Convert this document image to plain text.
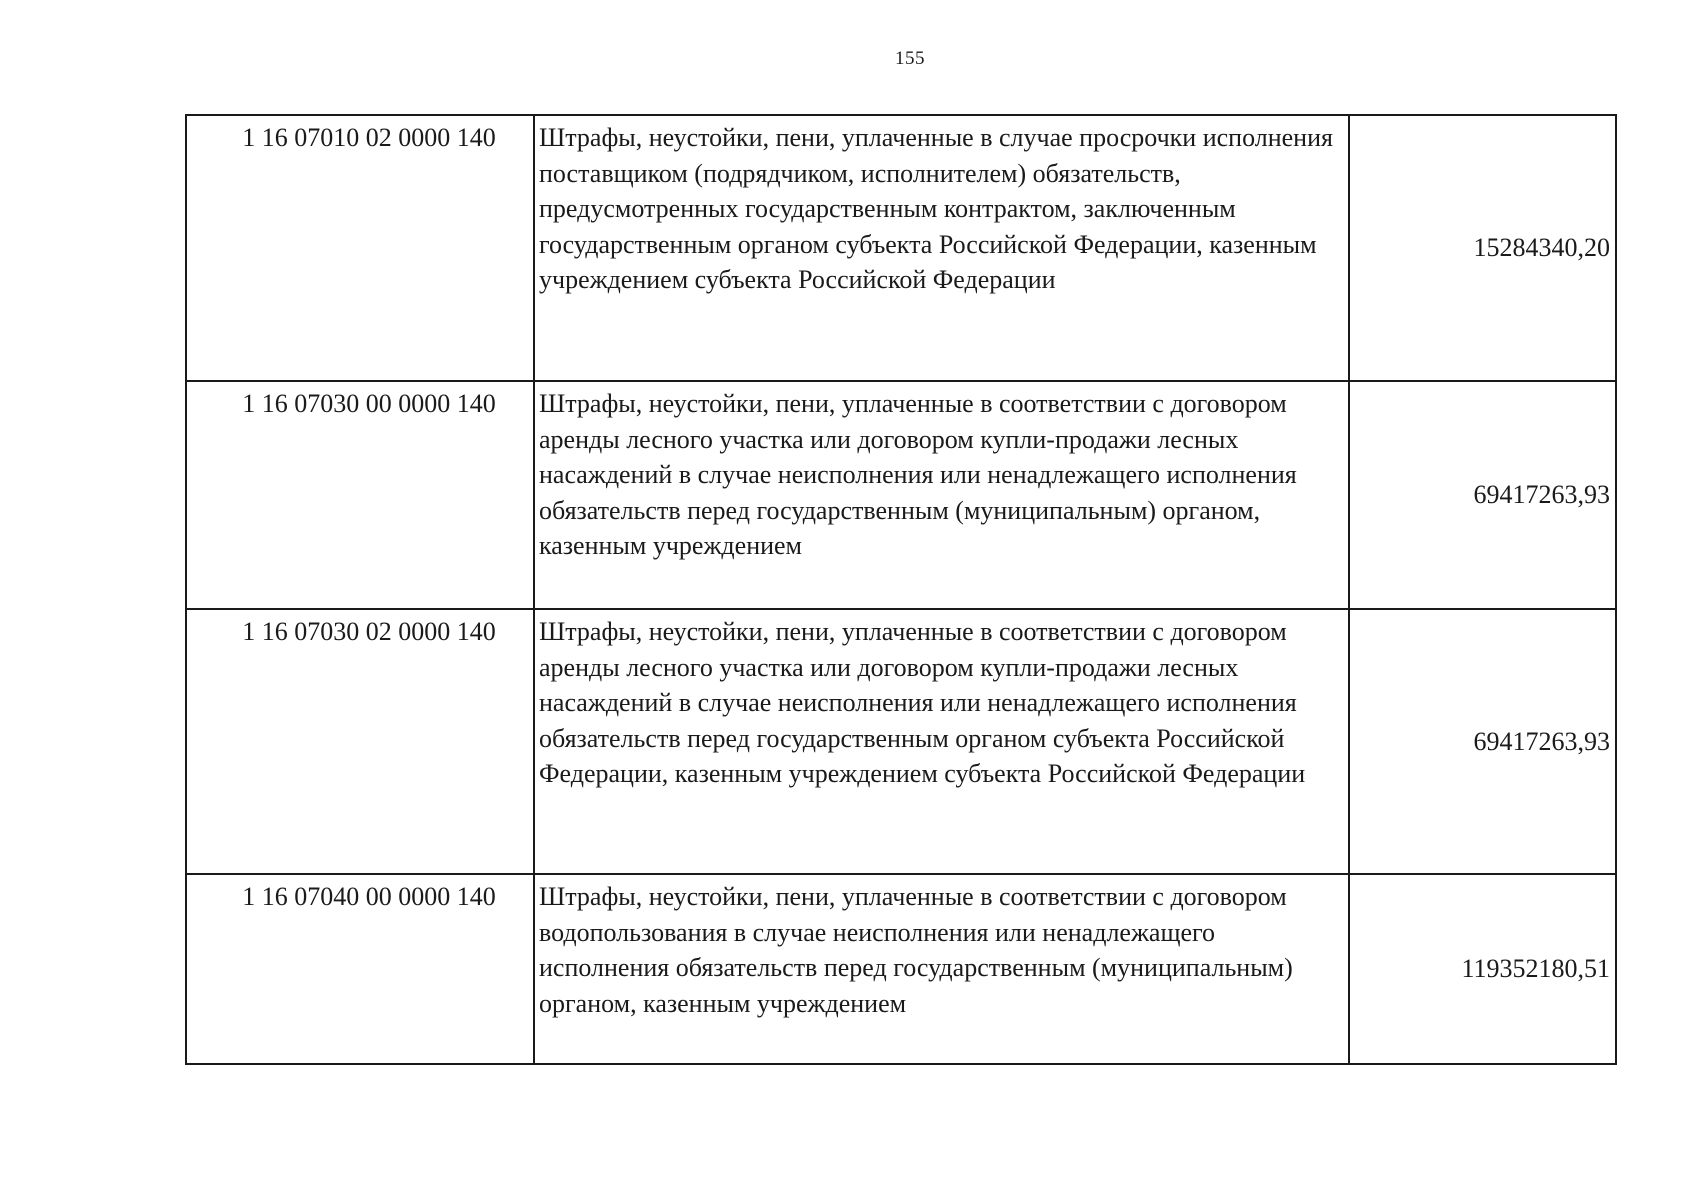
155
1 16 07010 02 0000 140	Штрафы, неустойки, пени, уплаченные в случае просрочки исполнения поставщиком (подрядчиком, исполнителем) обязательств, предусмотренных государственным контрактом, заключенным государственным органом субъекта Российской Федерации, казенным учреждением субъекта Российской Федерации	15284340,20
1 16 07030 00 0000 140	Штрафы, неустойки, пени, уплаченные в соответствии с договором аренды лесного участка или договором купли-продажи лесных насаждений в случае неисполнения или ненадлежащего исполнения обязательств перед государственным (муниципальным) органом, казенным учреждением	69417263,93
1 16 07030 02 0000 140	Штрафы, неустойки, пени, уплаченные в соответствии с договором аренды лесного участка или договором купли-продажи лесных насаждений в случае неисполнения или ненадлежащего исполнения обязательств перед государственным органом субъекта Российской Федерации, казенным учреждением субъекта Российской Федерации	69417263,93
1 16 07040 00 0000 140	Штрафы, неустойки, пени, уплаченные в соответствии с договором водопользования в случае неисполнения или ненадлежащего исполнения обязательств перед государственным (муниципальным) органом, казенным учреждением	119352180,51
